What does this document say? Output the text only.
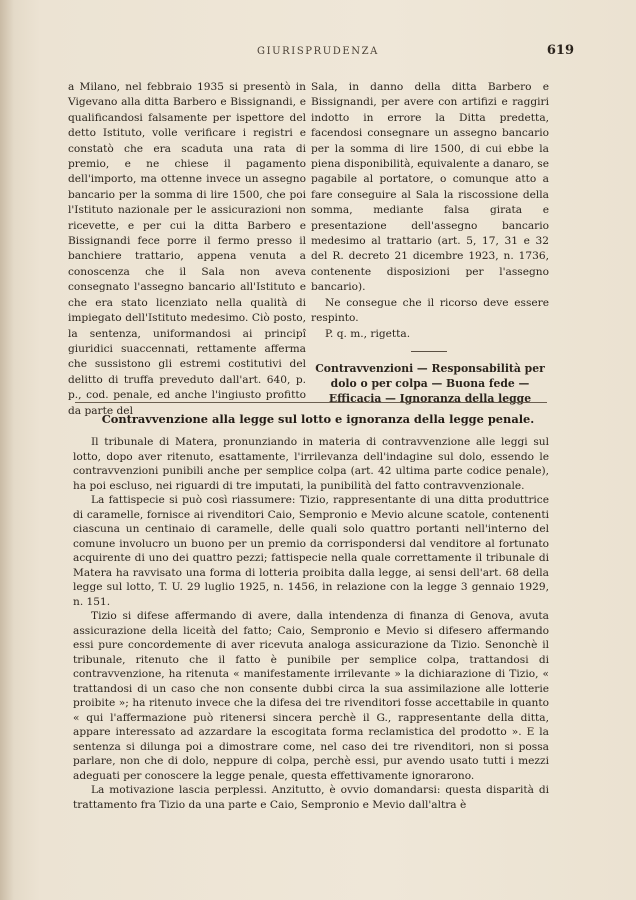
GIURISPRUDENZA	619

a Milano, nel febbraio 1935 si presentò in Vigevano alla ditta Barbero e Bissignandi, e qualificandosi falsamente per ispettore del detto Istituto, volle verificare i registri e constatò che era scaduta una rata di premio, e ne chiese il pagamento dell'importo, ma ottenne invece un assegno bancario per la somma di lire 1500, che poi l'Istituto nazionale per le assicurazioni non ricevette, e per cui la ditta Barbero e Bissignandi fece porre il fermo presso il banchiere trattario, appena venuta a conoscenza che il Sala non aveva consegnato l'assegno bancario all'Istituto e che era stato licenziato nella qualità di impiegato dell'Istituto medesimo. Ciò posto, la sentenza, uniformandosi ai principî giuridici suaccennati, rettamente afferma che sussistono gli estremi costitutivi del delitto di truffa preveduto dall'art. 640, p. p., cod. penale, ed anche l'ingiusto profitto da parte del

Sala, in danno della ditta Barbero e Bissignandi, per avere con artifizi e raggiri indotto in errore la Ditta predetta, facendosi consegnare un assegno bancario per la somma di lire 1500, di cui ebbe la piena disponibilità, equivalente a danaro, se pagabile al portatore, o comunque atto a fare conseguire al Sala la riscossione della somma, mediante falsa girata e presentazione dell'assegno bancario medesimo al trattario (art. 5, 17, 31 e 32 del R. decreto 21 dicembre 1923, n. 1736, contenente disposizioni per l'assegno bancario).

Ne consegue che il ricorso deve essere respinto.

P. q. m., rigetta.

Contravvenzioni — Responsabilità per dolo o per colpa — Buona fede — Efficacia — Ignoranza della legge

Contravvenzione alla legge sul lotto e ignoranza della legge penale.

Il tribunale di Matera, pronunziando in materia di contravvenzione alle leggi sul lotto, dopo aver ritenuto, esattamente, l'irrilevanza dell'indagine sul dolo, essendo le contravvenzioni punibili anche per semplice colpa (art. 42 ultima parte codice penale), ha poi escluso, nei riguardi di tre imputati, la punibilità del fatto contravvenzionale.

La fattispecie si può così riassumere: Tizio, rappresentante di una ditta produttrice di caramelle, fornisce ai rivenditori Caio, Sempronio e Mevio alcune scatole, contenenti ciascuna un centinaio di caramelle, delle quali solo quattro portanti nell'interno del comune involucro un buono per un premio da corrispondersi dal venditore al fortunato acquirente di uno dei quattro pezzi; fattispecie nella quale correttamente il tribunale di Matera ha ravvisato una forma di lotteria proibita dalla legge, ai sensi dell'art. 68 della legge sul lotto, T. U. 29 luglio 1925, n. 1456, in relazione con la legge 3 gennaio 1929, n. 151.

Tizio si difese affermando di avere, dalla intendenza di finanza di Genova, avuta assicurazione della liceità del fatto; Caio, Sempronio e Mevio si difesero affermando essi pure concordemente di aver ricevuta analoga assicurazione da Tizio. Senonchè il tribunale, ritenuto che il fatto è punibile per semplice colpa, trattandosi di contravvenzione, ha ritenuta « manifestamente irrilevante » la dichiarazione di Tizio, « trattandosi di un caso che non consente dubbi circa la sua assimilazione alle lotterie proibite »; ha ritenuto invece che la difesa dei tre rivenditori fosse accettabile in quanto « qui l'affermazione può ritenersi sincera perchè il G., rappresentante della ditta, appare interessato ad azzardare la escogitata forma reclamistica del prodotto ». E la sentenza si dilunga poi a dimostrare come, nel caso dei tre rivenditori, non si possa parlare, non che di dolo, neppure di colpa, perchè essi, pur avendo usato tutti i mezzi adeguati per conoscere la legge penale, questa effettivamente ignorarono.

La motivazione lascia perplessi. Anzitutto, è ovvio domandarsi: questa disparità di trattamento fra Tizio da una parte e Caio, Sempronio e Mevio dall'altra è
